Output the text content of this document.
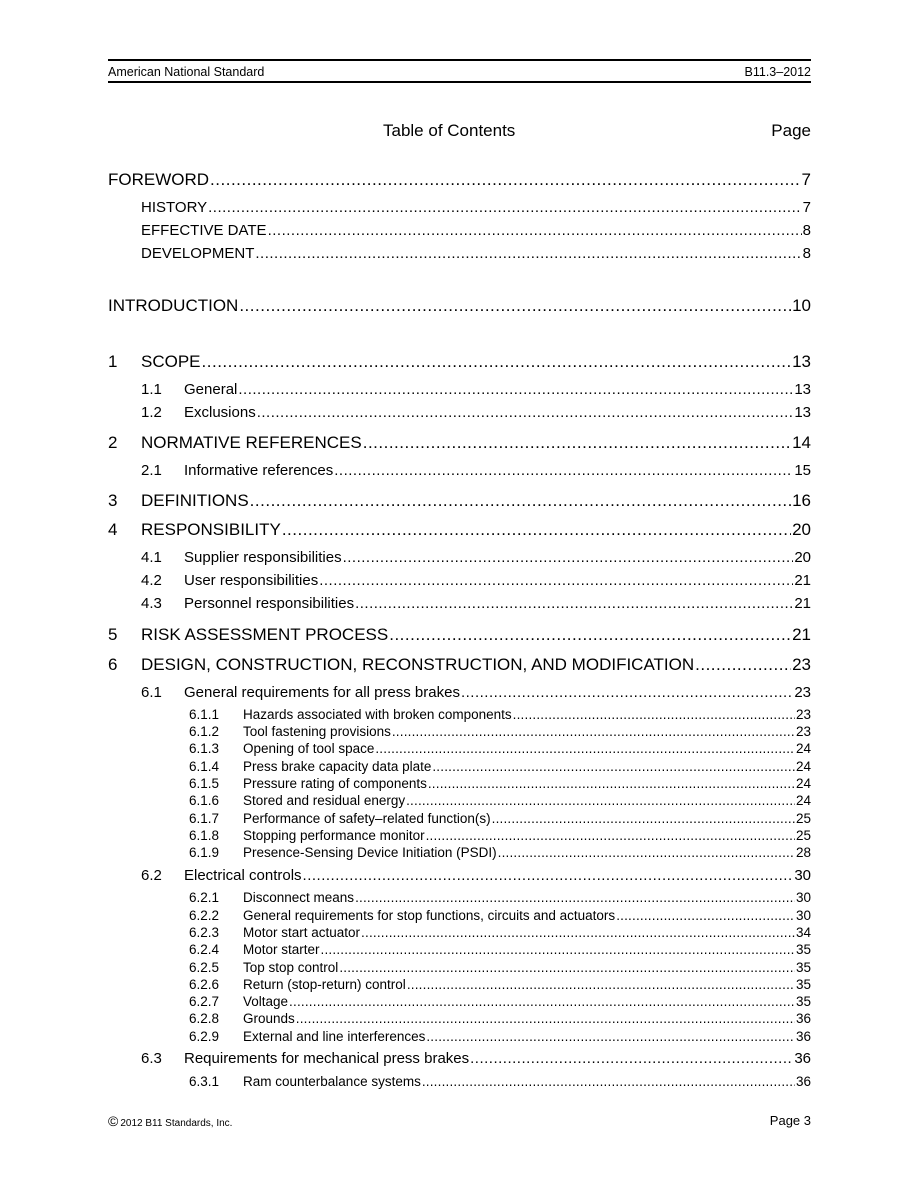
American National Standard	B11.3–2012
Table of Contents	Page
FOREWORD .....	7
HISTORY .....	7
EFFECTIVE DATE .....	8
DEVELOPMENT .....	8
INTRODUCTION .....	10
1	SCOPE .....	13
1.1	General .....	13
1.2	Exclusions .....	13
2	NORMATIVE REFERENCES .....	14
2.1	Informative references .....	15
3	DEFINITIONS .....	16
4	RESPONSIBILITY .....	20
4.1	Supplier responsibilities .....	20
4.2	User responsibilities .....	21
4.3	Personnel responsibilities .....	21
5	RISK ASSESSMENT PROCESS .....	21
6	DESIGN, CONSTRUCTION, RECONSTRUCTION, AND MODIFICATION .....	23
6.1	General requirements for all press brakes .....	23
6.1.1	Hazards associated with broken components .....	23
6.1.2	Tool fastening provisions .....	23
6.1.3	Opening of tool space .....	24
6.1.4	Press brake capacity data plate .....	24
6.1.5	Pressure rating of components .....	24
6.1.6	Stored and residual energy .....	24
6.1.7	Performance of safety–related function(s) .....	25
6.1.8	Stopping performance monitor .....	25
6.1.9	Presence-Sensing Device Initiation (PSDI) .....	28
6.2	Electrical controls .....	30
6.2.1	Disconnect means .....	30
6.2.2	General requirements for stop functions, circuits and actuators .....	30
6.2.3	Motor start actuator .....	34
6.2.4	Motor starter .....	35
6.2.5	Top stop control .....	35
6.2.6	Return (stop-return) control .....	35
6.2.7	Voltage .....	35
6.2.8	Grounds .....	36
6.2.9	External and line interferences .....	36
6.3	Requirements for mechanical press brakes .....	36
6.3.1	Ram counterbalance systems .....	36
© 2012 B11 Standards, Inc.	Page 3
